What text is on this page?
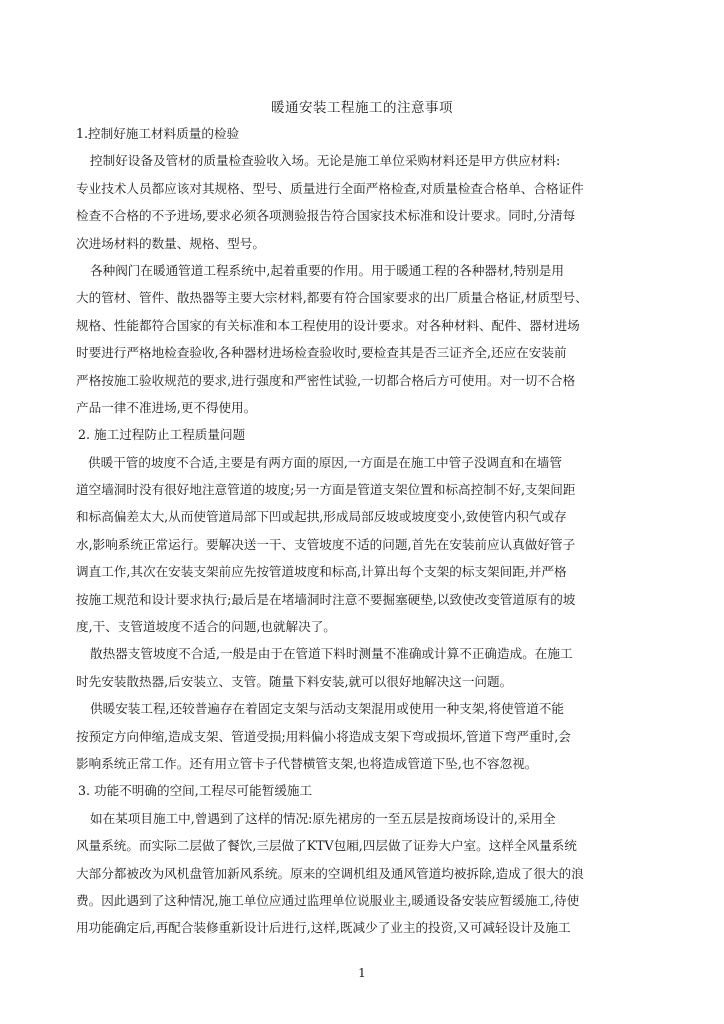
暖通安装工程施工的注意事项
1.控制好施工材料质量的检验
控制好设备及管材的质量检查验收入场。无论是施工单位采购材料还是甲方供应材料:
专业技术人员都应该对其规格、型号、质量进行全面严格检查,对质量检查合格单、合格证件
检查不合格的不予进场,要求必须各项测验报告符合国家技术标准和设计要求。同时,分清每
次进场材料的数量、规格、型号。
各种阀门在暖通管道工程系统中,起着重要的作用。用于暖通工程的各种器材,特别是用
大的管材、管件、散热器等主要大宗材料,都要有符合国家要求的出厂质量合格证,材质型号、
规格、性能都符合国家的有关标准和本工程使用的设计要求。对各种材料、配件、器材进场
时要进行严格地检查验收,各种器材进场检查验收时,要检查其是否三证齐全,还应在安装前
严格按施工验收规范的要求,进行强度和严密性试验,一切都合格后方可使用。对一切不合格
产品一律不准进场,更不得使用。
2. 施工过程防止工程质量问题
供暖干管的坡度不合适,主要是有两方面的原因,一方面是在施工中管子没调直和在墙管
道空墙洞时没有很好地注意管道的坡度;另一方面是管道支架位置和标高控制不好,支架间距
和标高偏差太大,从而使管道局部下凹或起拱,形成局部反坡或坡度变小,致使管内积气或存
水,影响系统正常运行。要解决送一干、支管坡度不适的问题,首先在安装前应认真做好管子
调直工作,其次在安装支架前应先按管道坡度和标高,计算出每个支架的标支架间距,并严格
按施工规范和设计要求执行;最后是在堵墙洞时注意不要掘塞硬垫,以致使改变管道原有的坡
度,干、支管道坡度不适合的问题,也就解决了。
散热器支管坡度不合适,一般是由于在管道下料时测量不准确或计算不正确造成。在施工
时先安装散热器,后安装立、支管。随量下料安装,就可以很好地解决这一问题。
供暖安装工程,还较普遍存在着固定支架与活动支架混用或使用一种支架,将使管道不能
按预定方向伸缩,造成支架、管道受损;用料偏小将造成支架下弯或损坏,管道下弯严重时,会
影响系统正常工作。还有用立管卡子代替横管支架,也将造成管道下坠,也不容忽视。
3. 功能不明确的空间,工程尽可能暂缓施工
如在某项目施工中,曾遇到了这样的情况:原先裙房的一至五层是按商场设计的,采用全
风量系统。而实际二层做了餐饮,三层做了KTV包厢,四层做了证券大户室。这样全风量系统
大部分都被改为风机盘管加新风系统。原来的空调机组及通风管道均被拆除,造成了很大的浪
费。因此遇到了这种情况,施工单位应通过监理单位说服业主,暖通设备安装应暂缓施工,待使
用功能确定后,再配合装修重新设计后进行,这样,既减少了业主的投资,又可减轻设计及施工
1
